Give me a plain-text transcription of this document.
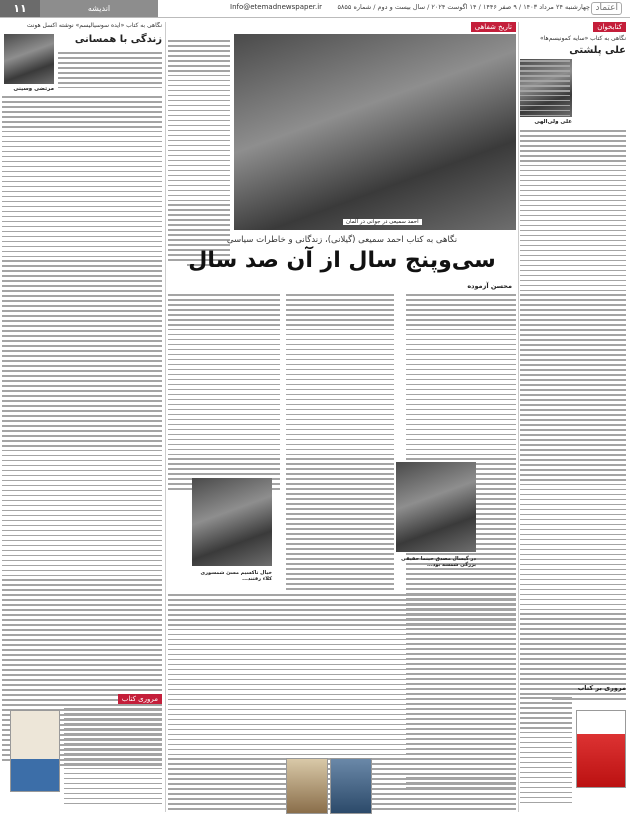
اعتماد
چهارشنبه ۲۴ مرداد ۱۴۰۳ / ۹ صفر ۱۴۴۶ / ۱۴ اگوست ۲۰۲۴ / سال بیست و دوم / شماره ۵۸۵۵
Info@etemadnewspaper.ir
اندیشه
۱۱
کتابخوان
نگاهی به کتاب «سایه کمونیسم‌ها»
علی پلشتی
علی ولی‌الهی
مروری بر کتاب
تاریخ شفاهی
احمد سمیعی در جوانی در آلمان
نگاهی به کتاب احمد سمیعی (گیلانی)، زندگانی و خاطرات سیاسی
سی‌وپنج سال از آن صد سال
محسن آزموده
در گیسال مصدق حینما حقیقی بزرگی شمسه بود...
خیال تاکسیم مسئ شمسوری کلاء رفتند...
نگاهی به کتاب «ایده سوسیالیسم» نوشته اکسل هونت
زندگی با همسانی
مرتضی وسینی
مروری کتاب
